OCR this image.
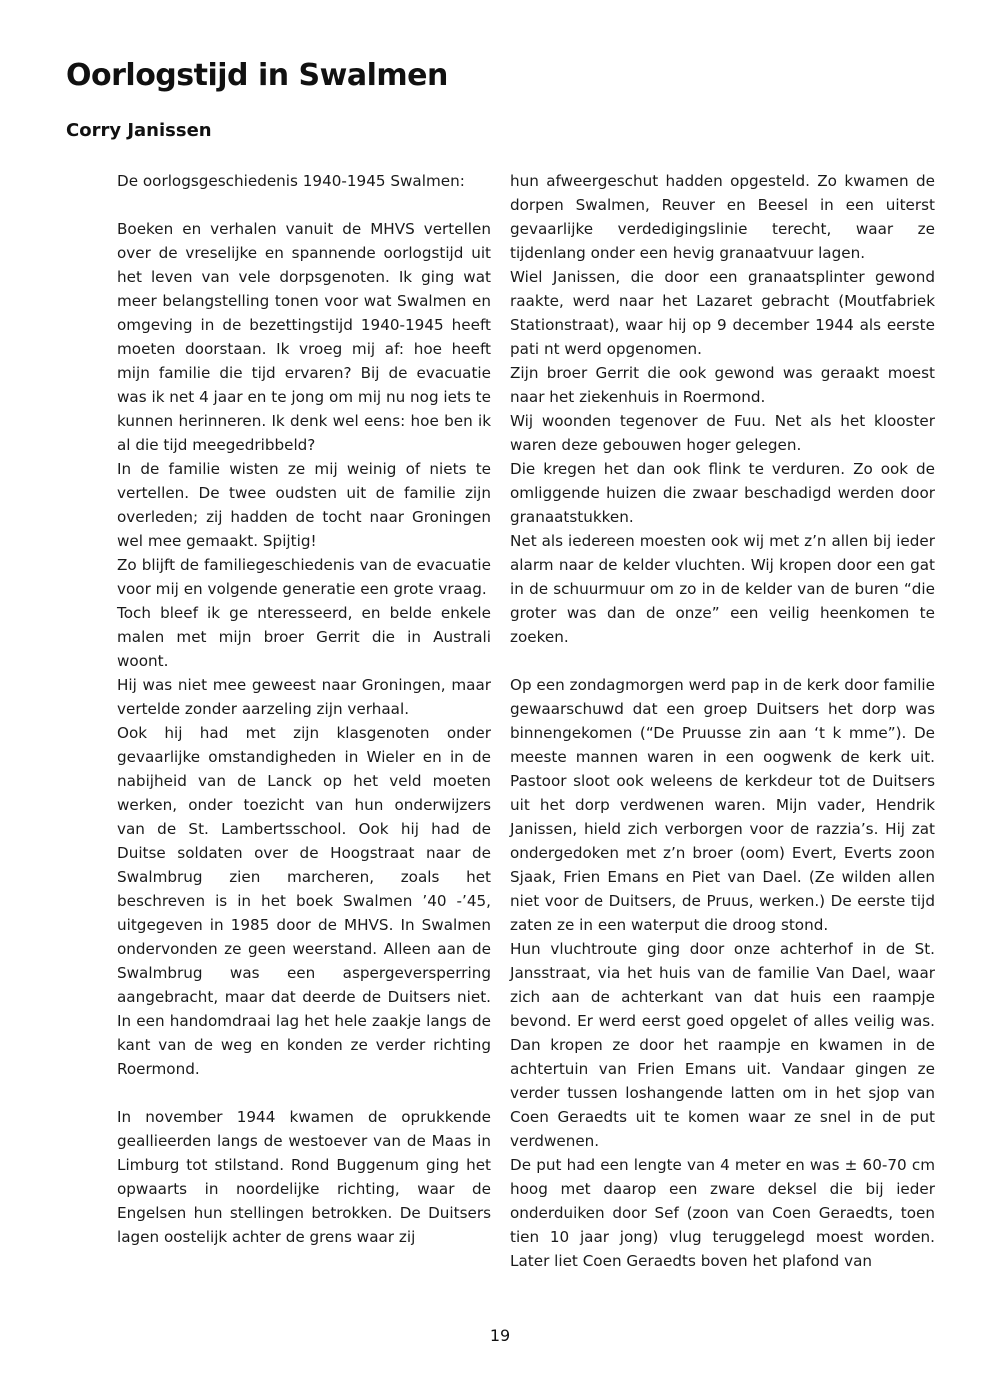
Oorlogstijd in Swalmen
Corry Janissen

De oorlogsgeschiedenis 1940-1945 Swalmen:

Boeken en verhalen vanuit de MHVS vertellen over de vreselijke en spannende oorlogstijd uit het leven van vele dorpsgenoten. Ik ging wat meer belangstelling tonen voor wat Swalmen en omgeving in de bezettingstijd 1940-1945 heeft moeten doorstaan. Ik vroeg mij af: hoe heeft mijn familie die tijd ervaren? Bij de evacuatie was ik net 4 jaar en te jong om mij nu nog iets te kunnen herinneren. Ik denk wel eens: hoe ben ik al die tijd meegedribbeld?

In de familie wisten ze mij weinig of niets te vertellen. De twee oudsten uit de familie zijn overleden; zij hadden de tocht naar Groningen wel mee gemaakt. Spijtig!

Zo blijft de familiegeschiedenis van de evacuatie voor mij en volgende generatie een grote vraag.

Toch bleef ik ge nteresseerd, en belde enkele malen met mijn broer Gerrit die in Australi woont.

Hij was niet mee geweest naar Groningen, maar vertelde zonder aarzeling zijn verhaal.

Ook hij had met zijn klasgenoten onder gevaarlijke omstandigheden in Wieler en in de nabijheid van de Lanck op het veld moeten werken, onder toezicht van hun onderwijzers van de St. Lambertsschool. Ook hij had de Duitse soldaten over de Hoogstraat naar de Swalmbrug zien marcheren, zoals het beschreven is in het boek Swalmen ’40 -’45, uitgegeven in 1985 door de MHVS. In Swalmen ondervonden ze geen weerstand. Alleen aan de Swalmbrug was een aspergeversperring aangebracht, maar dat deerde de Duitsers niet. In een handomdraai lag het hele zaakje langs de kant van de weg en konden ze verder richting Roermond.

In november 1944 kwamen de oprukkende geallieerden langs de westoever van de Maas in Limburg tot stilstand. Rond Buggenum ging het opwaarts in noordelijke richting, waar de Engelsen hun stellingen betrokken. De Duitsers lagen oostelijk achter de grens waar zij

hun afweergeschut hadden opgesteld. Zo kwamen de dorpen Swalmen, Reuver en Beesel in een uiterst gevaarlijke verdedigingslinie terecht, waar ze tijdenlang onder een hevig granaatvuur lagen.

Wiel Janissen, die door een granaatsplinter gewond raakte, werd naar het Lazaret gebracht (Moutfabriek Stationstraat), waar hij op 9 december 1944 als eerste pati nt werd opgenomen.

Zijn broer Gerrit die ook gewond was geraakt moest naar het ziekenhuis in Roermond.

Wij woonden tegenover de Fuu. Net als het klooster waren deze gebouwen hoger gelegen.

Die kregen het dan ook flink te verduren. Zo ook de omliggende huizen die zwaar beschadigd werden door granaatstukken.

Net als iedereen moesten ook wij met z’n allen bij ieder alarm naar de kelder vluchten. Wij kropen door een gat in de schuurmuur om zo in de kelder van de buren “die groter was dan de onze” een veilig heenkomen te zoeken.

Op een zondagmorgen werd pap in de kerk door familie gewaarschuwd dat een groep Duitsers het dorp was binnengekomen (“De Pruusse zin aan ‘t k mme”). De meeste mannen waren in een oogwenk de kerk uit. Pastoor sloot ook weleens de kerkdeur tot de Duitsers uit het dorp verdwenen waren. Mijn vader, Hendrik Janissen, hield zich verborgen voor de razzia’s. Hij zat ondergedoken met z’n broer (oom) Evert, Everts zoon Sjaak, Frien Emans en Piet van Dael. (Ze wilden allen niet voor de Duitsers, de Pruus, werken.) De eerste tijd zaten ze in een waterput die droog stond.

Hun vluchtroute ging door onze achterhof in de St. Jansstraat, via het huis van de familie Van Dael, waar zich aan de achterkant van dat huis een raampje bevond. Er werd eerst goed opgelet of alles veilig was. Dan kropen ze door het raampje en kwamen in de achtertuin van Frien Emans uit. Vandaar gingen ze verder tussen loshangende latten om in het sjop van Coen Geraedts uit te komen waar ze snel in de put verdwenen.

De put had een lengte van 4 meter en was ± 60-70 cm hoog met daarop een zware deksel die bij ieder onderduiken door Sef (zoon van Coen Geraedts, toen tien 10 jaar jong) vlug teruggelegd moest worden. Later liet Coen Geraedts boven het plafond van

19
